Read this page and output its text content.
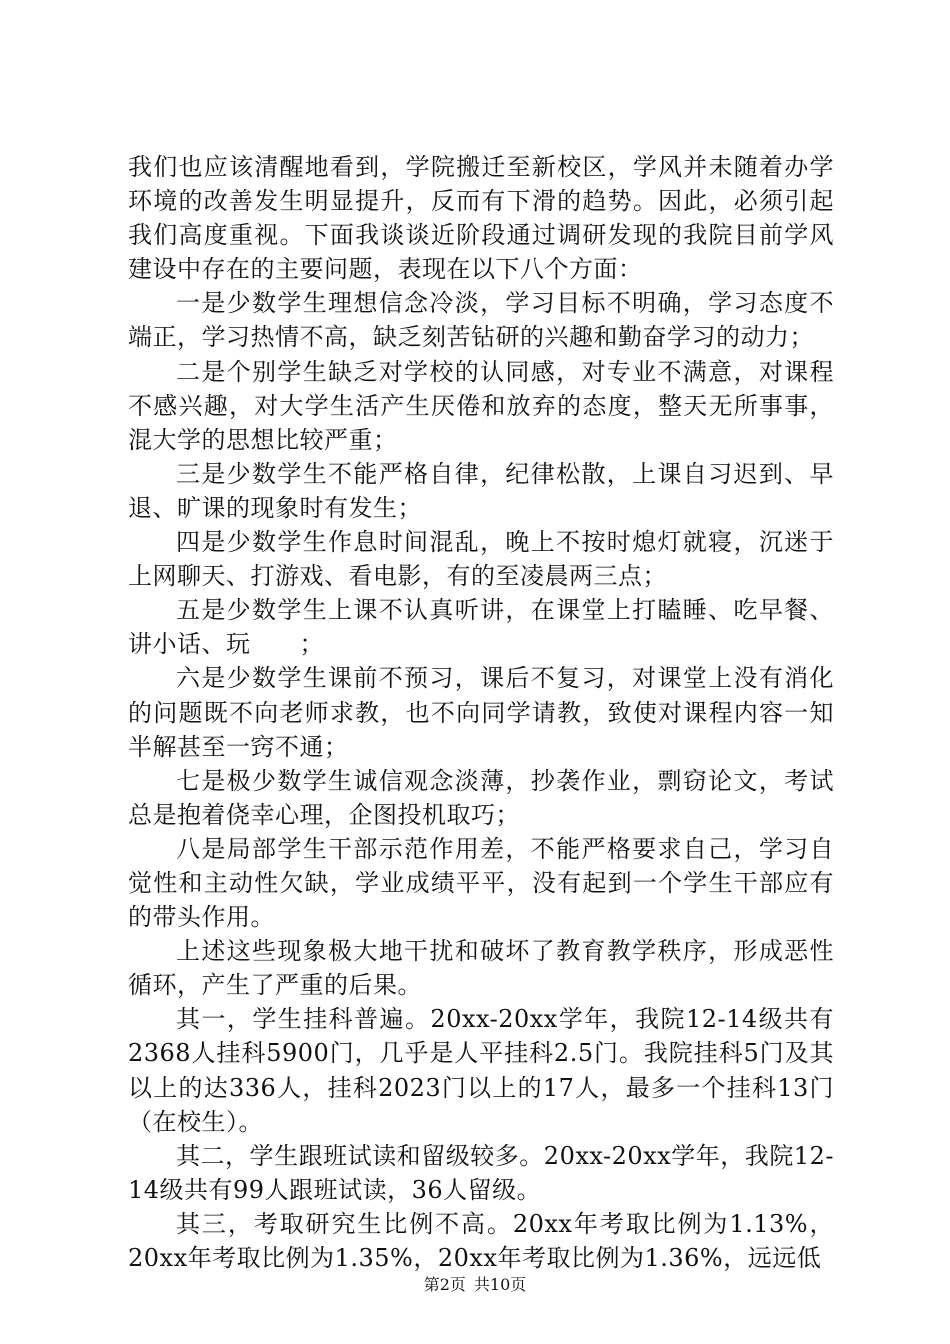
我们也应该清醒地看到，学院搬迁至新校区，学风并未随着办学环境的改善发生明显提升，反而有下滑的趋势。因此，必须引起我们高度重视。下面我谈谈近阶段通过调研发现的我院目前学风建设中存在的主要问题，表现在以下八个方面：

一是少数学生理想信念冷淡，学习目标不明确，学习态度不端正，学习热情不高，缺乏刻苦钻研的兴趣和勤奋学习的动力；

二是个别学生缺乏对学校的认同感，对专业不满意，对课程不感兴趣，对大学生活产生厌倦和放弃的态度，整天无所事事，混大学的思想比较严重；

三是少数学生不能严格自律，纪律松散，上课自习迟到、早退、旷课的现象时有发生；

四是少数学生作息时间混乱，晚上不按时熄灯就寝，沉迷于上网聊天、打游戏、看电影，有的至凌晨两三点；

五是少数学生上课不认真听讲，在课堂上打瞌睡、吃早餐、讲小话、玩　　；

六是少数学生课前不预习，课后不复习，对课堂上没有消化的问题既不向老师求教，也不向同学请教，致使对课程内容一知半解甚至一窍不通；

七是极少数学生诚信观念淡薄，抄袭作业，剽窃论文，考试总是抱着侥幸心理，企图投机取巧；

八是局部学生干部示范作用差，不能严格要求自己，学习自觉性和主动性欠缺，学业成绩平平，没有起到一个学生干部应有的带头作用。

上述这些现象极大地干扰和破坏了教育教学秩序，形成恶性循环，产生了严重的后果。

其一，学生挂科普遍。20xx-20xx学年，我院12-14级共有2368人挂科5900门，几乎是人平挂科2.5门。我院挂科5门及其以上的达336人，挂科2023门以上的17人，最多一个挂科13门（在校生）。

其二，学生跟班试读和留级较多。20xx-20xx学年，我院12-14级共有99人跟班试读，36人留级。

其三，考取研究生比例不高。20xx年考取比例为1.13%，20xx年考取比例为1.35%，20xx年考取比例为1.36%，远远低

第2页 共10页
